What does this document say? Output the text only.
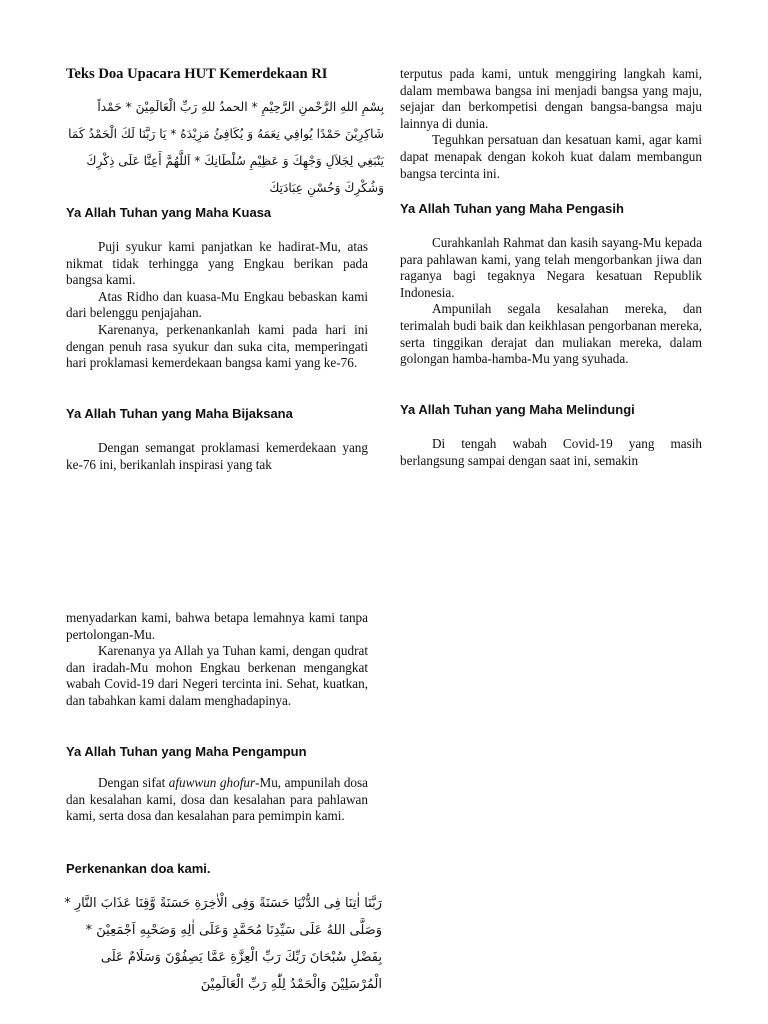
Teks Doa Upacara HUT Kemerdekaan RI

بِسْمِ اللهِ الرَّحْمنِ الرَّحِيْمِ * الحمدُ للهِ رَبِّ الْعَالَمِيْنَ * حَمْداً شَاكِرِيْنَ حَمْدًا يُوافِي نِعَمَهُ وَ يُكَافِئُ مَزِيْدَهُ * يَا رَبَّنَا لَكَ الْحَمْدُ كَمَا يَنْبَغِي لِجَلاَلِ وَجْهِكَ وَ عَظِيْمِ سُلْطَانِكَ * اَللَّهُمَّ أَعِنَّا عَلَى ذِكْرِكَ وَشُكْرِكَ وَحُسْنِ عِبَادَتِكَ

Ya Allah Tuhan yang Maha Kuasa

Puji syukur kami panjatkan ke hadirat-Mu, atas nikmat tidak terhingga yang Engkau berikan pada bangsa kami.

Atas Ridho dan kuasa-Mu Engkau bebaskan kami dari belenggu penjajahan.

Karenanya, perkenankanlah kami pada hari ini dengan penuh rasa syukur dan suka cita, memperingati hari proklamasi kemerdekaan bangsa kami yang ke-76.

Ya Allah Tuhan yang Maha Bijaksana

Dengan semangat proklamasi kemerdekaan yang ke-76 ini, berikanlah inspirasi yang tak

terputus pada kami, untuk menggiring langkah kami, dalam membawa bangsa ini menjadi bangsa yang maju, sejajar dan berkompetisi dengan bangsa-bangsa maju lainnya di dunia.

Teguhkan persatuan dan kesatuan kami, agar kami dapat menapak dengan kokoh kuat dalam membangun bangsa tercinta ini.

Ya Allah Tuhan yang Maha Pengasih

Curahkanlah Rahmat dan kasih sayang-Mu kepada para pahlawan kami, yang telah mengorbankan jiwa dan raganya bagi tegaknya Negara kesatuan Republik Indonesia.

Ampunilah segala kesalahan mereka, dan terimalah budi baik dan keikhlasan pengorbanan mereka, serta tinggikan derajat dan muliakan mereka, dalam golongan hamba-hamba-Mu yang syuhada.

Ya Allah Tuhan yang Maha Melindungi

Di tengah wabah Covid-19 yang masih berlangsung sampai dengan saat ini, semakin

menyadarkan kami, bahwa betapa lemahnya kami tanpa pertolongan-Mu.

Karenanya ya Allah ya Tuhan kami, dengan qudrat dan iradah-Mu mohon Engkau berkenan mengangkat wabah Covid-19 dari Negeri tercinta ini. Sehat, kuatkan, dan tabahkan kami dalam menghadapinya.

Ya Allah Tuhan yang Maha Pengampun

Dengan sifat afuwwun ghofur-Mu, ampunilah dosa dan kesalahan kami, dosa dan kesalahan para pahlawan kami, serta dosa dan kesalahan para pemimpin kami.

Perkenankan doa kami.

رَبَّنَا اٰتِنَا فِى الدُّنْيَا حَسَنَةً وَفِى الْاٰخِرَةِ حَسَنَةً وَّقِنَا عَذَابَ النَّارِ * وَصَلَّى اللهُ عَلَى سَيِّدِنَا مُحَمَّدٍ وَعَلَى اٰلِهِ وَصَحْبِهِ اَجْمَعِيْنَ * بِفَضْلِ سُبْحَانَ رَبِّكَ رَبِّ الْعِزَّةِ عَمَّا يَصِفُوْنَ وَسَلَامٌ عَلَى الْمُرْسَلِيْنَ وَالْحَمْدُ لِلّٰهِ رَبِّ الْعَالَمِيْنَ
